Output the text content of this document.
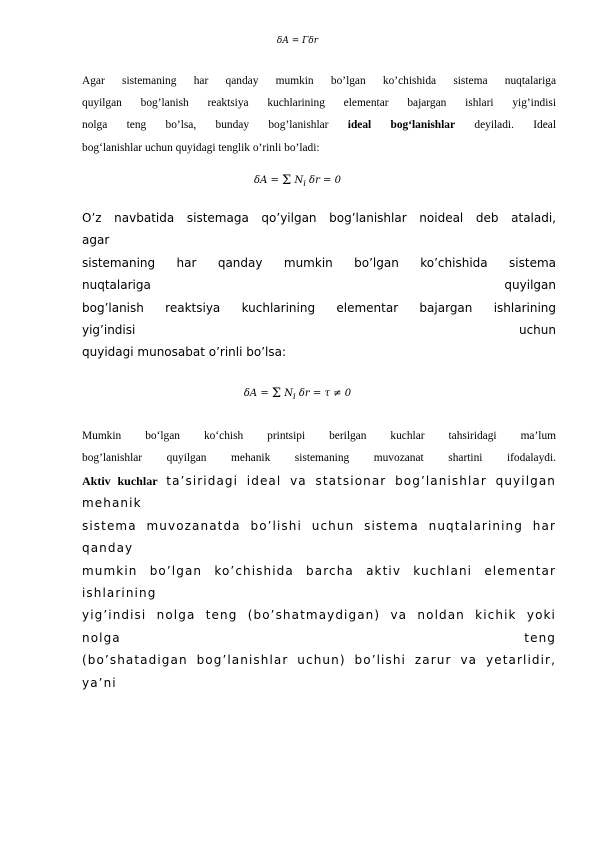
δA = Γδr
Agar sistemaning har qanday mumkin bo’lgan ko’chishida sistema nuqtalariga
quyilgan bog’lanish reaktsiya kuchlarining elementar bajargan ishlari yig’indisi
nolga teng bo’lsa, bunday bog’lanishlar ideal bog‘lanishlar deyiladi. Ideal
bog‘lanishlar uchun quyidagi tenglik o’rinli bo’ladi:
δA = Σ $N_i$ δr = 0
O’z navbatida sistemaga qo’yilgan bog’lanishlar noideal deb ataladi,
agar
sistemaning har qanday mumkin bo’lgan ko’chishida sistema
nuqtalariga quyilgan
bog’lanish reaktsiya kuchlarining elementar bajargan ishlarining
yig’indisi uchun
quyidagi munosabat o’rinli bo’lsa:
δA = Σ $N_i$ δr = τ ≠ 0
Mumkin bo‘lgan ko‘chish printsipi berilgan kuchlar tahsiridagi ma’lum
bog’lanishlar quyilgan mehanik sistemaning muvozanat shartini ifodalaydi.
Aktiv kuchlar ta’siridagi ideal va statsionar bog’lanishlar quyilgan
mehanik
sistema muvozanatda bo’lishi uchun sistema nuqtalarining har
qanday
mumkin bo’lgan ko’chishida barcha aktiv kuchlani elementar
ishlarining
yig’indisi nolga teng (bo’shatmaydigan) va noldan kichik yoki
nolga teng
(bo’shatadigan bog’lanishlar uchun) bo’lishi zarur va yetarlidir,
ya’ni
